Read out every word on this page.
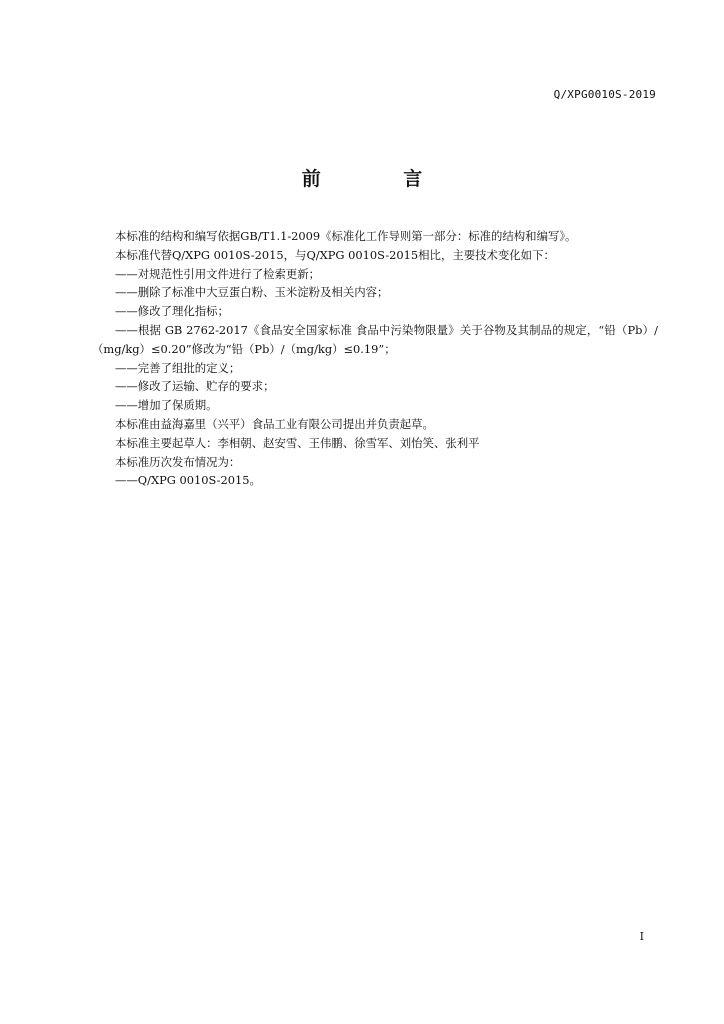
Q/XPG0010S-2019
前 言

本标准的结构和编写依据GB/T1.1-2009《标准化工作导则第一部分：标准的结构和编写》。

本标准代替Q/XPG 0010S-2015，与Q/XPG 0010S-2015相比，主要技术变化如下：

——对规范性引用文件进行了检索更新；

——删除了标准中大豆蛋白粉、玉米淀粉及相关内容；

——修改了理化指标；

——根据 GB 2762-2017《食品安全国家标准 食品中污染物限量》关于谷物及其制品的规定，“铅（Pb）/（mg/kg）≤0.20”修改为“铅（Pb）/（mg/kg）≤0.19”；

——完善了组批的定义；

——修改了运输、贮存的要求；

——增加了保质期。

本标准由益海嘉里（兴平）食品工业有限公司提出并负责起草。

本标准主要起草人：李相朝、赵安雪、王伟鹏、徐雪军、刘怡笑、张利平

本标准历次发布情况为：

——Q/XPG 0010S-2015。

I
